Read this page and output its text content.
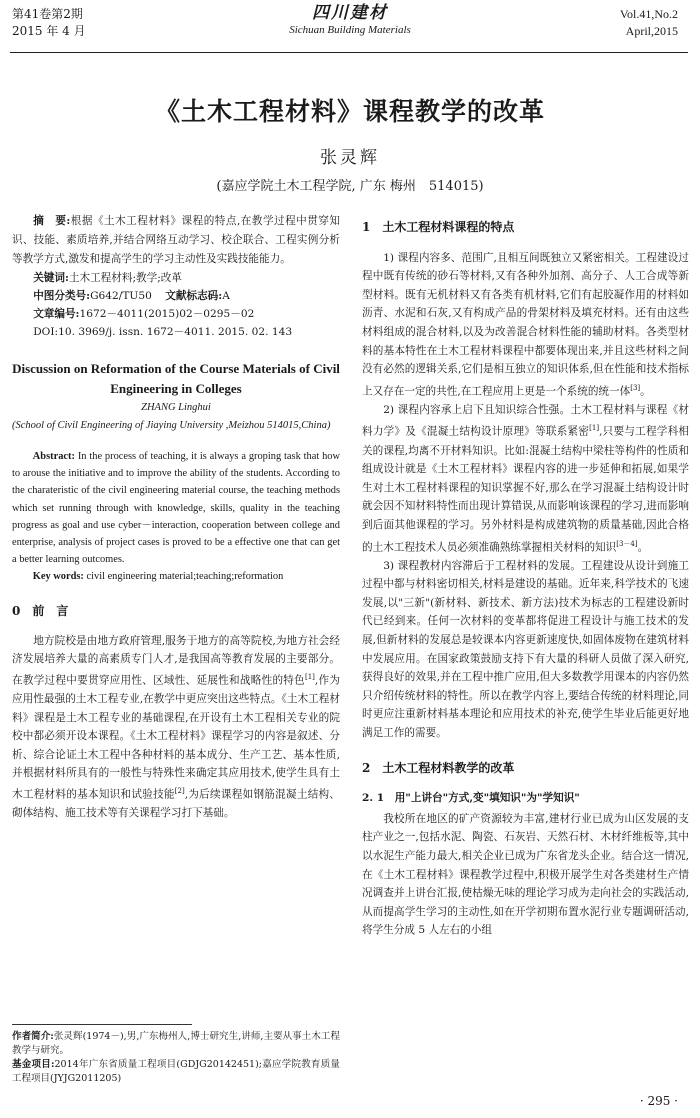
第41卷第2期
2015 年 4 月
四川建材
Sichuan Building Materials
Vol.41,No.2
April,2015
《土木工程材料》课程教学的改革
张灵辉
(嘉应学院土木工程学院, 广东 梅州　514015)

摘　要:根据《土木工程材料》课程的特点,在教学过程中贯穿知识、技能、素质培养,并结合网络互动学习、校企联合、工程实例分析等教学方式,激发和提高学生的学习主动性及实践技能能力。

关键词:土木工程材料;教学;改革

中图分类号:G642/TU50 文献标志码:A

文章编号:1672－4011(2015)02－0295－02

DOI:10. 3969/j. issn. 1672－4011. 2015. 02. 143

Discussion on Reformation of the Course Materials of Civil Engineering in Colleges
ZHANG Linghui

(School of Civil Engineering of Jiaying University ,Meizhou 514015,China)

Abstract: In the process of teaching, it is always a groping task that how to arouse the initiative and to improve the ability of the students. According to the charateristic of the civil engineering material course, the teaching methods which set running through with knowledge, skills, quality in the teaching progress as goal and use cyber－interaction, cooperation between college and enterprise, analysis of project cases is proved to be a effective one that can get a better learning outcomes.

Key words: civil engineering material;teaching;reformation

0　前　言

地方院校是由地方政府管理,服务于地方的高等院校,为地方社会经济发展培养大量的高素质专门人才,是我国高等教育发展的主要部分。在教学过程中要贯穿应用性、区域性、延展性和战略性的特色[1],作为应用性最强的土木工程专业,在教学中更应突出这些特点。《土木工程材料》课程是土木工程专业的基础课程,在开设有土木工程相关专业的院校中都必须开设本课程。《土木工程材料》课程学习的内容是叙述、分析、综合论证土木工程中各种材料的基本成分、生产工艺、基本性质,并根据材料所具有的一般性与特殊性来确定其应用技术,使学生具有土木工程材料的基本知识和试验技能[2],为后续课程如钢筋混凝土结构、砌体结构、施工技术等有关课程学习打下基础。

作者简介:张灵辉(1974－),男,广东梅州人,博士研究生,讲师,主要从事土木工程教学与研究。

基金项目:2014年广东省质量工程项目(GDJG20142451);嘉应学院教育质量工程项目(JYJG2011205)

1　土木工程材料课程的特点

1) 课程内容多、范围广,且相互间既独立又紧密相关。工程建设过程中既有传统的砂石等材料,又有各种外加剂、高分子、人工合成等新型材料。既有无机材料又有各类有机材料,它们有起胶凝作用的材料如沥青、水泥和石灰,又有构成产品的骨架材料及填充材料。还有由这些材料组成的混合材料,以及为改善混合材料性能的辅助材料。各类型材料的基本特性在土木工程材料课程中都要体现出来,并且这些材料之间没有必然的逻辑关系,它们是相互独立的知识体系,但在性能和技术指标上又存在一定的共性,在工程应用上更是一个系统的统一体[3]。

2) 课程内容承上启下且知识综合性强。土木工程材料与课程《材料力学》及《混凝土结构设计原理》等联系紧密[1],只要与工程学科相关的课程,均离不开材料知识。比如:混凝土结构中梁柱等构件的性质和组成设计就是《土木工程材料》课程内容的进一步延伸和拓展,如果学生对土木工程材料课程的知识掌握不好,那么在学习混凝土结构设计时就会因不知材料特性而出现计算错误,从而影响该课程的学习,进而影响到后面其他课程的学习。另外材料是构成建筑物的质量基础,因此合格的土木工程技术人员必须准确熟练掌握相关材料的知识[3－4]。

3) 课程教材内容滞后于工程材料的发展。工程建设从设计到施工过程中都与材料密切相关,材料是建设的基础。近年来,科学技术的飞速发展,以"三新"(新材料、新技术、新方法)技术为标志的工程建设新时代已经到来。任何一次材料的变革都将促进工程设计与施工技术的发展,但新材料的发展总是较课本内容更新速度快,如固体废物在建筑材料中发展应用。在国家政策鼓励支持下有大量的科研人员做了深入研究,获得良好的效果,并在工程中推广应用,但大多数教学用课本的内容仍然只介绍传统材料的特性。所以在教学内容上,要结合传统的材料理论,同时更应注重新材料基本理论和应用技术的补充,使学生毕业后能更好地满足工作的需要。

2　土木工程材料教学的改革
2. 1　用"上讲台"方式,变"填知识"为"学知识"

我校所在地区的矿产资源较为丰富,建材行业已成为山区发展的支柱产业之一,包括水泥、陶瓷、石灰岩、天然石材、木材纤维板等,其中以水泥生产能力最大,相关企业已成为广东省龙头企业。结合这一情况,在《土木工程材料》课程教学过程中,积极开展学生对各类建材生产情况调查并上讲台汇报,使枯燥无味的理论学习成为走向社会的实践活动,从而提高学生学习的主动性,如在开学初期布置水泥行业专题调研活动,将学生分成 5 人左右的小组

· 295 ·
